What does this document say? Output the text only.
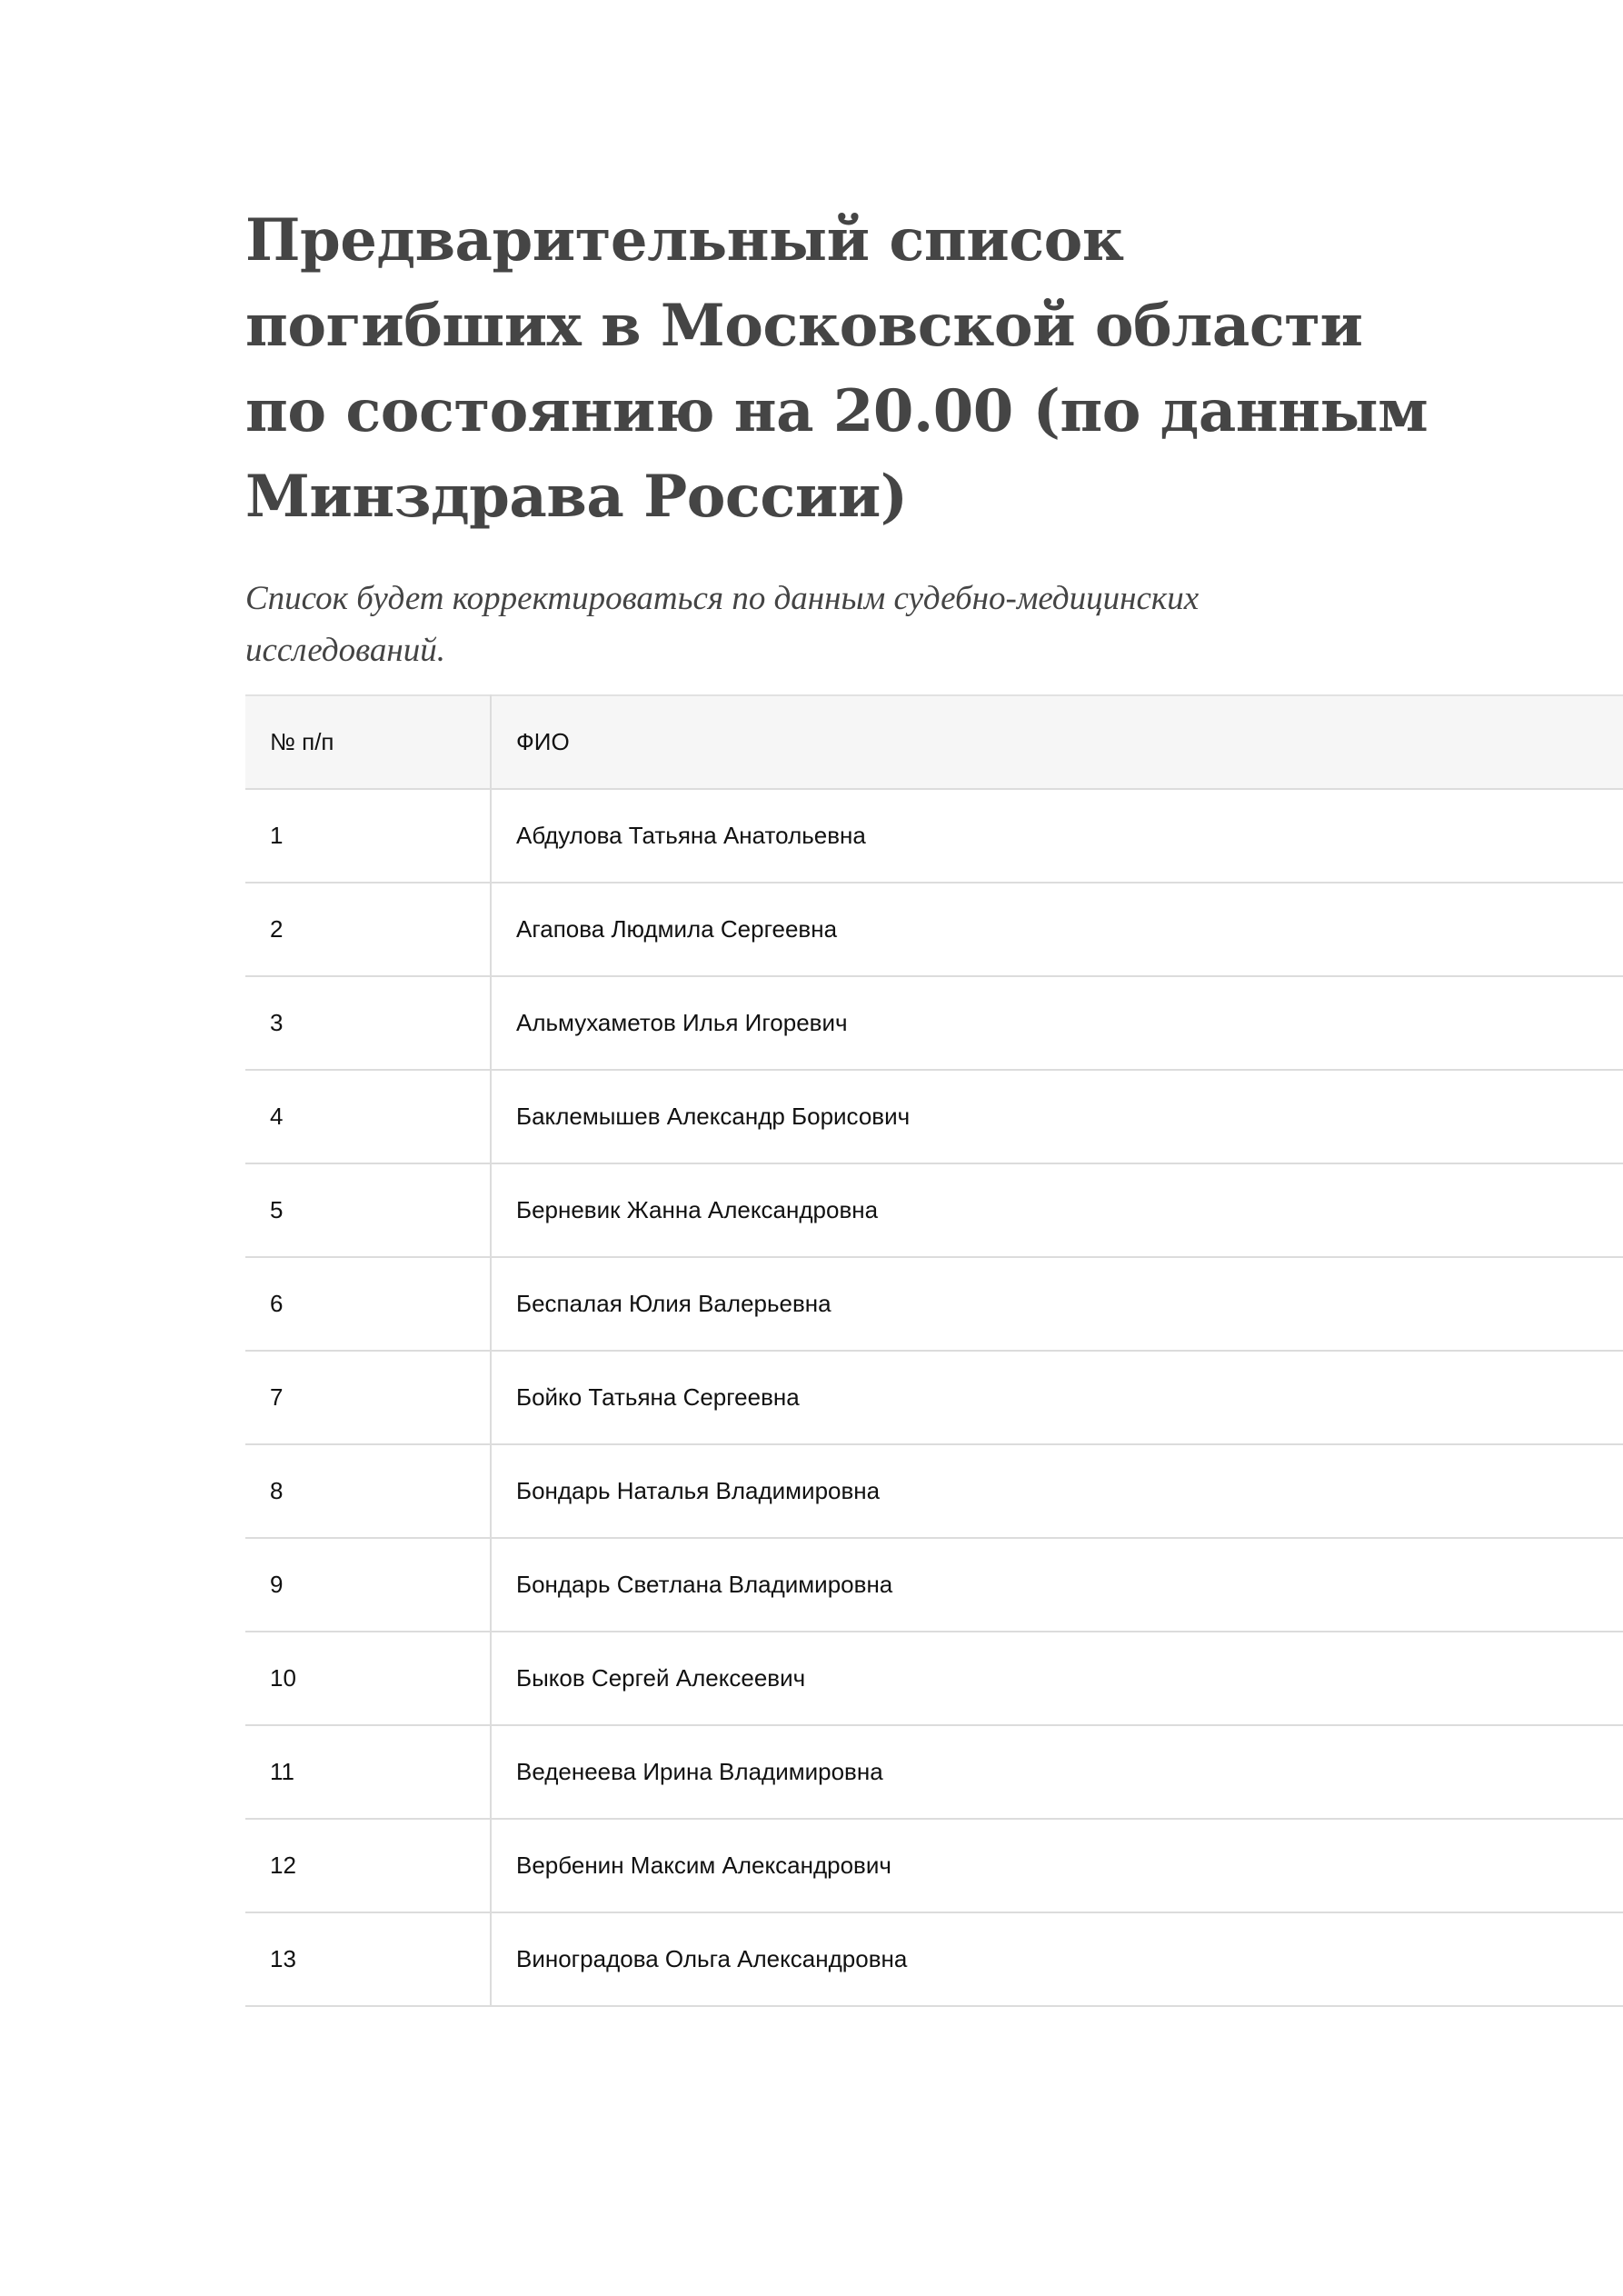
Предварительный список погибших в Московской области по состоянию на 20.00 (по данным Минздрава России)

Список будет корректироваться по данным судебно-медицинских исследований.

№ п/п	ФИО
1	Абдулова Татьяна Анатольевна
2	Агапова Людмила Сергеевна
3	Альмухаметов Илья Игоревич
4	Баклемышев Александр Борисович
5	Берневик Жанна Александровна
6	Беспалая Юлия Валерьевна
7	Бойко Татьяна Сергеевна
8	Бондарь Наталья Владимировна
9	Бондарь Светлана Владимировна
10	Быков Сергей Алексеевич
11	Веденеева Ирина Владимировна
12	Вербенин Максим Александрович
13	Виноградова Ольга Александровна
